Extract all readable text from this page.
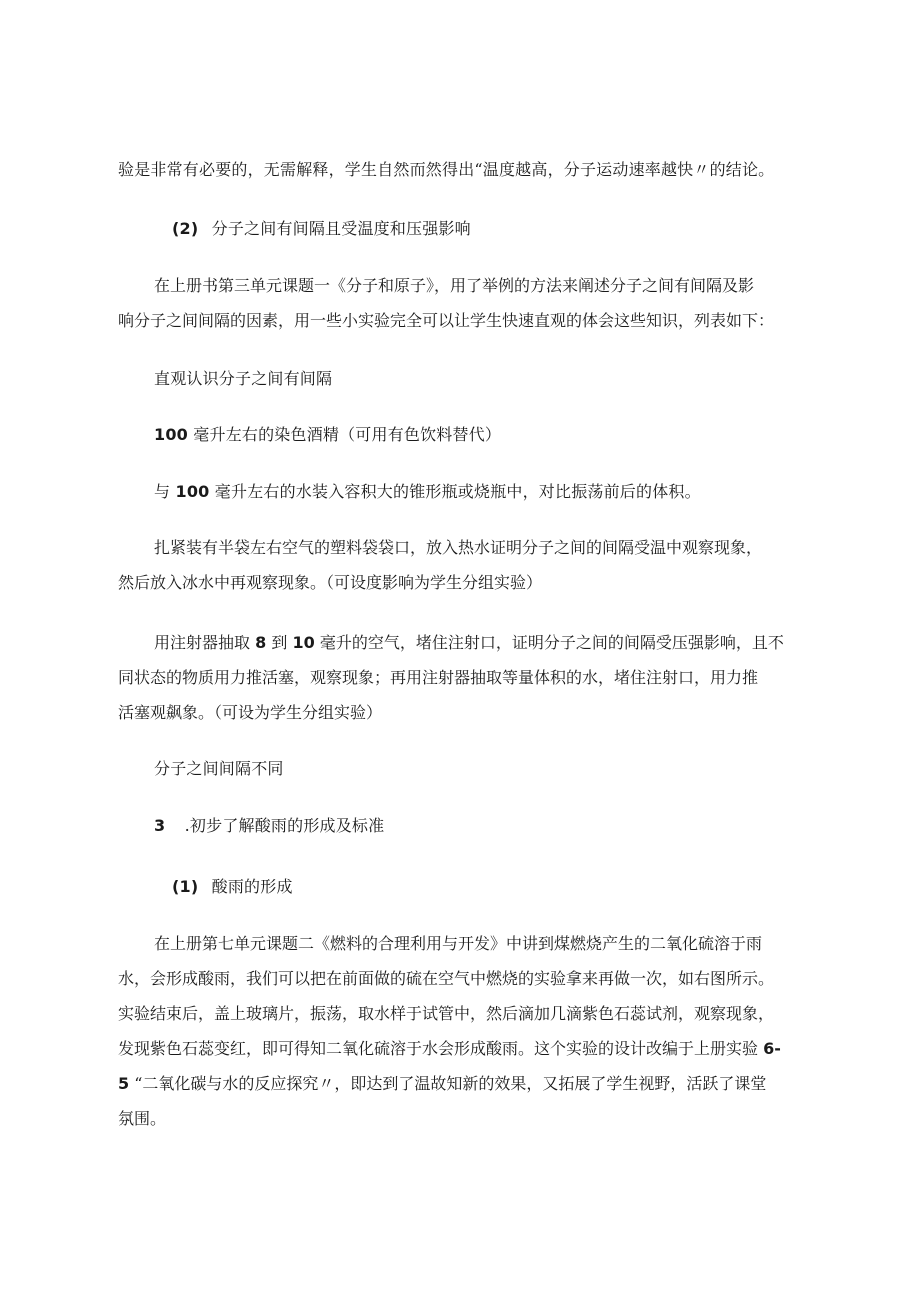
验是非常有必要的，无需解释，学生自然而然得出“温度越高，分子运动速率越快〃的结论。
(2) 分子之间有间隔且受温度和压强影响

在上册书第三单元课题一《分子和原子》，用了举例的方法来阐述分子之间有间隔及影

响分子之间间隔的因素，用一些小实验完全可以让学生快速直观的体会这些知识，列表如下：

直观认识分子之间有间隔
100 毫升左右的染色酒精（可用有色饮料替代）
与 100 毫升左右的水装入容积大的锥形瓶或烧瓶中，对比振荡前后的体积。

扎紧装有半袋左右空气的塑料袋袋口，放入热水证明分子之间的间隔受温中观察现象，

然后放入冰水中再观察现象。（可设度影响为学生分组实验）

用注射器抽取 8 到 10 毫升的空气，堵住注射口，证明分子之间的间隔受压强影响，且不

同状态的物质用力推活塞，观察现象；再用注射器抽取等量体积的水，堵住注射口，用力推

活塞观飙象。（可设为学生分组实验）

分子之间间隔不同
3 .初步了解酸雨的形成及标准
(1) 酸雨的形成

在上册第七单元课题二《燃料的合理利用与开发》中讲到煤燃烧产生的二氧化硫溶于雨

水，会形成酸雨，我们可以把在前面做的硫在空气中燃烧的实验拿来再做一次，如右图所示。

实验结束后，盖上玻璃片，振荡，取水样于试管中，然后滴加几滴紫色石蕊试剂，观察现象，

发现紫色石蕊变红，即可得知二氧化硫溶于水会形成酸雨。这个实验的设计改编于上册实验 6-

5 “二氧化碳与水的反应探究〃，即达到了温故知新的效果，又拓展了学生视野，活跃了课堂

氛围。
